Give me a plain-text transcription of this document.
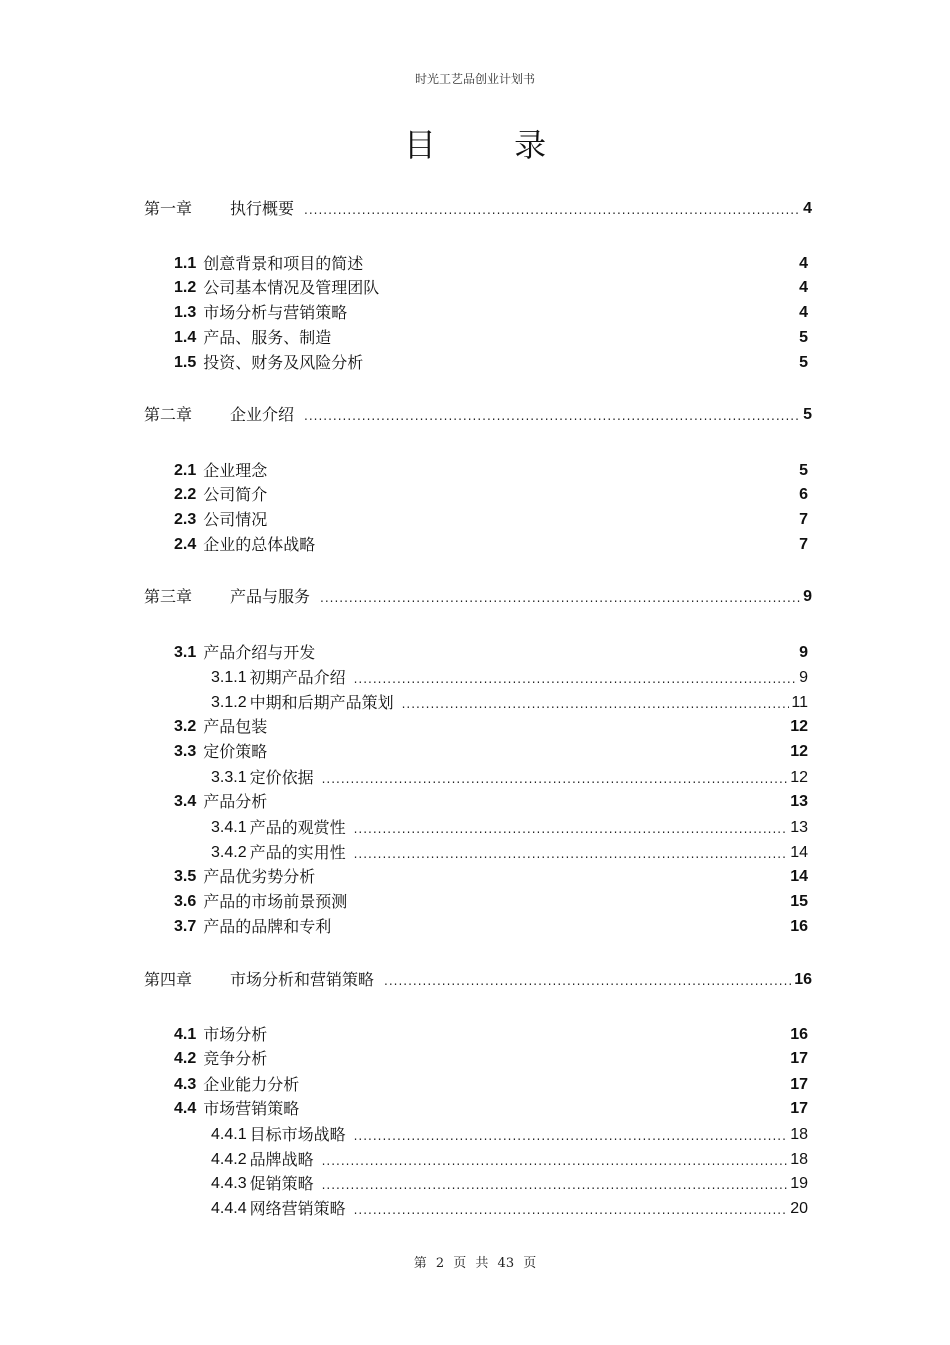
时光工艺品创业计划书
目 录
第一章	执行概要 .....	4
1.1 创意背景和项目的简述	4
1.2 公司基本情况及管理团队	4
1.3 市场分析与营销策略	4
1.4 产品、服务、制造	5
1.5 投资、财务及风险分析	5
第二章	企业介绍 .....	5
2.1 企业理念	5
2.2 公司简介	6
2.3 公司情况	7
2.4 企业的总体战略	7
第三章	产品与服务 .....	9
3.1 产品介绍与开发	9
3.1.1 初期产品介绍 .....	9
3.1.2 中期和后期产品策划 .....	11
3.2 产品包装	12
3.3 定价策略	12
3.3.1 定价依据 .....	12
3.4 产品分析	13
3.4.1 产品的观赏性 .....	13
3.4.2 产品的实用性 .....	14
3.5 产品优劣势分析	14
3.6 产品的市场前景预测	15
3.7 产品的品牌和专利	16
第四章	市场分析和营销策略 .....	16
4.1 市场分析	16
4.2 竞争分析	17
4.3 企业能力分析	17
4.4 市场营销策略	17
4.4.1 目标市场战略 .....	18
4.4.2 品牌战略 .....	18
4.4.3 促销策略 .....	19
4.4.4 网络营销策略 .....	20
第 2 页 共 43 页
